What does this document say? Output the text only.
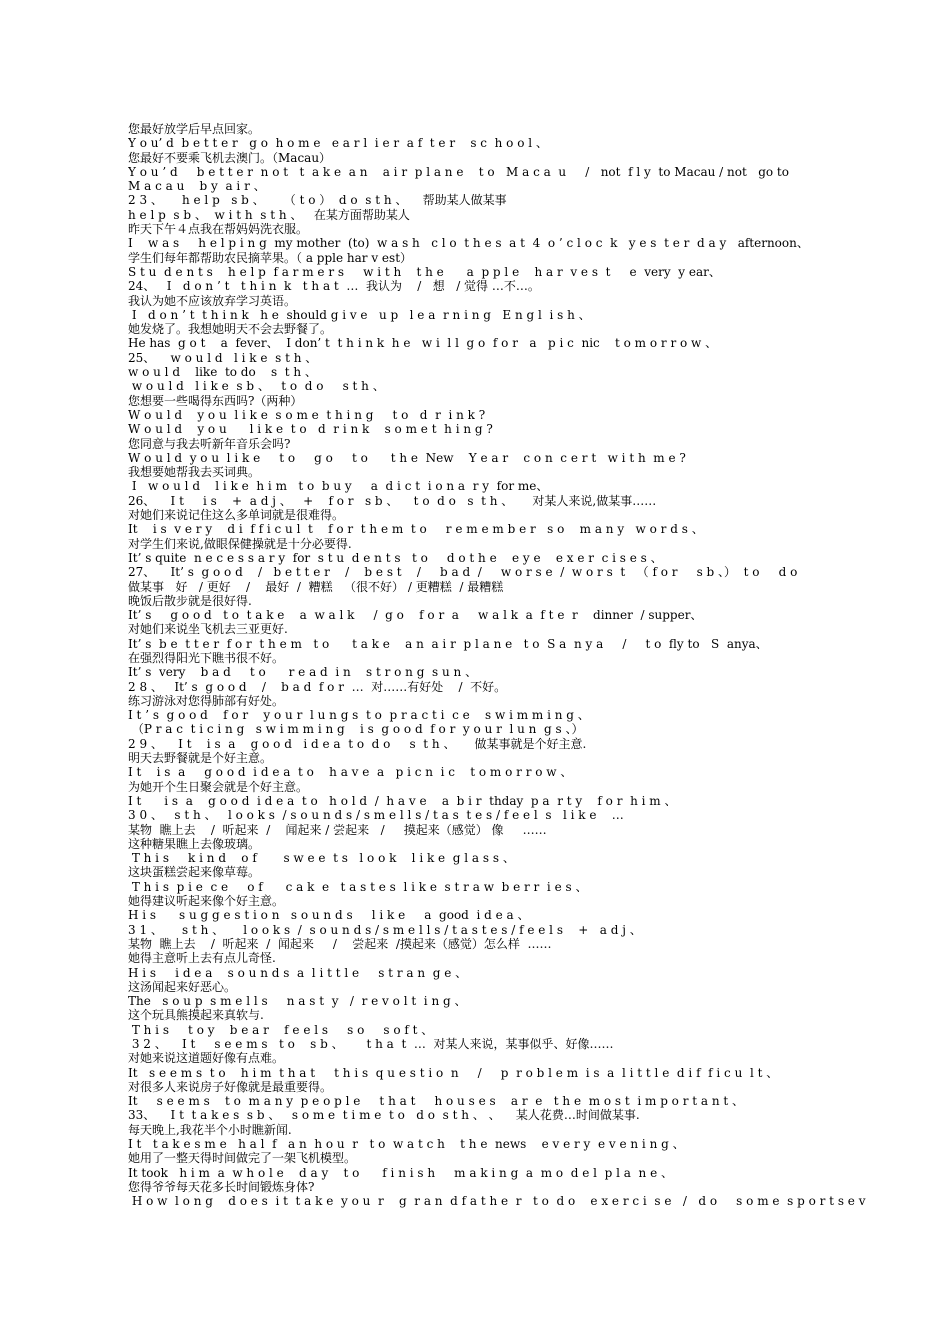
您最好放学后早点回家。
Y o u’ d  b e t t e r   g o  h o m e   e a r l  i e r  a f  t e r    s c  h o o l 、
您最好不要乘飞机去澳门。（Macau）
Y o u ’ d     b e t t e r  n o t   t  a k e  a n    a i r  p l a n e    t o   M a c a  u     /   not  f l y  to Macau / not   go to
M a c a u    b y  a i r 、
2 3 、     h e l p   s b 、     （ t o ）  d o  s t h 、    帮助某人做某事
h e l p  s b 、  w i t h  s t h 、   在某方面帮助某人
昨天下午４点我在帮妈妈洗衣服。
I    w a s     h e l p i n g  my mother  (to)  w a s h   c l o  t h e s  a t  4  o ’ c l o c  k   y e s  t e r  d a y   afternoon、
学生们每年都帮助农民摘苹果。（ a pple har v est）
S t u  d e n t s    h e l p  f a r m e r s     w i t h    t h e      a  p p l e    h a r  v e s  t     e  very  y ear、
24、   I   d o n ’ t   t h i n  k   t h a t  …  我认为    /   想   / 觉得 …不…。
我认为她不应该放弃学习英语。
I   d o n ’ t  t h i n k   h e  should g i v e   u p   l e a  r n i n g   E n g l  i s h 、
她发烧了。我想她明天不会去野餐了。
He has  g o t    a  fever、  I don’ t  t h i n k  h e   w i  l l  g o  f o r   a   p i c  nic    t o m o r r o w 、
25、    w o u l d   l i k e  s t h 、
w o u l d    like  to do    s  t h 、
w o u l d   l i k e  s b 、   t o  d o     s t h 、
您想要一些喝得东西吗?（两种）
W o u l d    y o u  l i k e  s o m e  t h i n g     t o   d  r  i n k ?
W o u l d    y o u      l i k e  t o   d  r i n k    s o m e t  h i n g ?
您同意与我去听新年音乐会吗?
W o u l d  y o u  l i k e     t o     g o     t o      t h e  New    Y e a r    c o n  c e r t   w i t h  m e ?
我想要她帮我去买词典。
I   w o u l d    l i k e  h i m   t o  b u y     a  d i c t  i o n a  r y  for me、
26、    I t     i s    +  a d j 、   +    f o r   s b 、    t o  d o   s  t h 、     对某人来说,做某事……
对她们来说记住这么多单词就是很难得。
It    i s  v e r y    d i  f f i c u l  t    f o r  t h e m  t o     r e m e m b e r   s o    m a n y   w o r d s 、
对学生们来说,做眼保健操就是十分必要得.
It’ s quite  n e c e s s a r y  for  s t u  d e n t s   t o     d o t h e    e y e    e x e r  c i s e s 、
27、    It’ s  g o o d    /   b e t t e r    /    b e s t    /     b a d  /     w o r s e  /  w o r s  t   （ f o r     s b 、）  t o     d o
做某事   好   / 更好    /    最好  /  糟糕   （很不好） / 更糟糕  / 最糟糕
晚饭后散步就是很好得.
It’ s     g o o d   t o  t a k e    a  w a l k     /  g o    f o r  a     w a l k  a  f t e  r    dinner  / supper、
对她们来说坐飞机去三亚更好.
It’ s  b e  t t e r  f o r  t h e m   t o      t a k e    a n  a i r  p l a n e   t o  S a  n y a     /     t o  fly to   S  anya、
在强烈得阳光下瞧书很不好。
It’ s  very    b a d     t o      r e a d  i n    s t r o n g  s u n 、
2 8 、   It’ s  g o o d    /    b a d  f o r  …  对……有好处    /  不好。
练习游泳对您得肺部有好处。
I t ’ s  g o o d    f o r    y o u r  l u n g s  t o  p r a c t i  c e    s w i m m i n g 、
（P r a c  t i c i n g   s w i m m i n g    i s  g o o d  f o r  y o u r  l u n  g s 、）
2 9 、    I t    i s  a    g o o d   i d e a  t o  d o     s  t h 、     做某事就是个好主意.
明天去野餐就是个好主意。
I t    i s  a     g o o d  i d e a  t o    h a v e  a   p i c n  i c    t o m o r r o w 、
为她开个生日聚会就是个好主意。
I t      i s  a    g o o d  i d e a  t o   h o l d  /  h a v e    a  b i r  thday  p a  r t y    f o r  h i m 、
3 0 、   s t h 、   l o o k s  / s o u n d s / s m e l l s / t a s  t e s / f e e l  s   l i k e    …
某物  瞧上去    /  听起来  /    闻起来 / 尝起来   /     摸起来（感觉） 像     ……
这种糖果瞧上去像玻璃。
T h i s     k i n d    o f       s w e e  t s   l o o k    l i k e  g l a s s 、
这块蛋糕尝起来像草莓。
T h i s  p i e  c e     o f      c a k  e   t a s t e s  l i k e  s t r a w  b e r r  i e s 、
她得建议听起来像个好主意。
H i s      s u g g e s t i o n   s o u n d s     l i k e     a  good  i d e a 、
3 1 、     s t h 、     l o o k s  /  s o u n d s / s m e l l s / t a s t e s / f e e l s    +   a d j 、
某物  瞧上去    /  听起来  /  闻起来     /    尝起来  /摸起来（感觉）怎么样  ……
她得主意听上去有点儿奇怪.
H i s     i d e a    s o u n d s  a  l i t t l e     s t r a n  g e 、
这汤闻起来好恶心。
The   s o u p  s m e l l s     n a s t  y   /  r e v o l t  i n g 、
这个玩具熊摸起来真软与.
T h i s     t o y    b e a r    f e e l s     s o     s o f t 、
3 2 、    I t     s e e m s   t o    s b 、      t h a  t  …  对某人来说，某事似乎、好像……
对她来说这道题好像有点难。
It   s e e m s  t o    h i m  t h a t     t h i s  q u e s t i o  n     /     p  r o b l e m  i s  a  l i t t l e  d i f  f i c u  l t 、
对很多人来说房子好像就是最重要得。
It     s e e m s    t o  m a n y  p e o p l e     t h a t     h o u s e s    a r  e   t h e  m o s t  i m p o r t a n t 、
33、    I t  t a k e s  s b 、   s o m e  t i m e  t o   d o  s t h 、 、    某人花费…时间做某事.
每天晚上,我花半个小时瞧新闻.
I t   t a k e s m e   h a l  f   a n  h o u  r   t o  w a t c h    t h e  news    e v e r y  e v e n i n g 、
她用了一整天得时间做完了一架飞机模型。
It took   h i m  a  w h o l e    d a y    t o      f i n i s h     m a k i n g  a  m o  d e l  p l a  n e 、
您得爷爷每天花多长时间锻炼身体?
H o w  l o n g    d o e s  i t  t a k e  y o u  r    g  r a n  d f a t h e  r   t o  d o    e x e r c i  s e   /   d o     s o m e  s p o r t s e v
